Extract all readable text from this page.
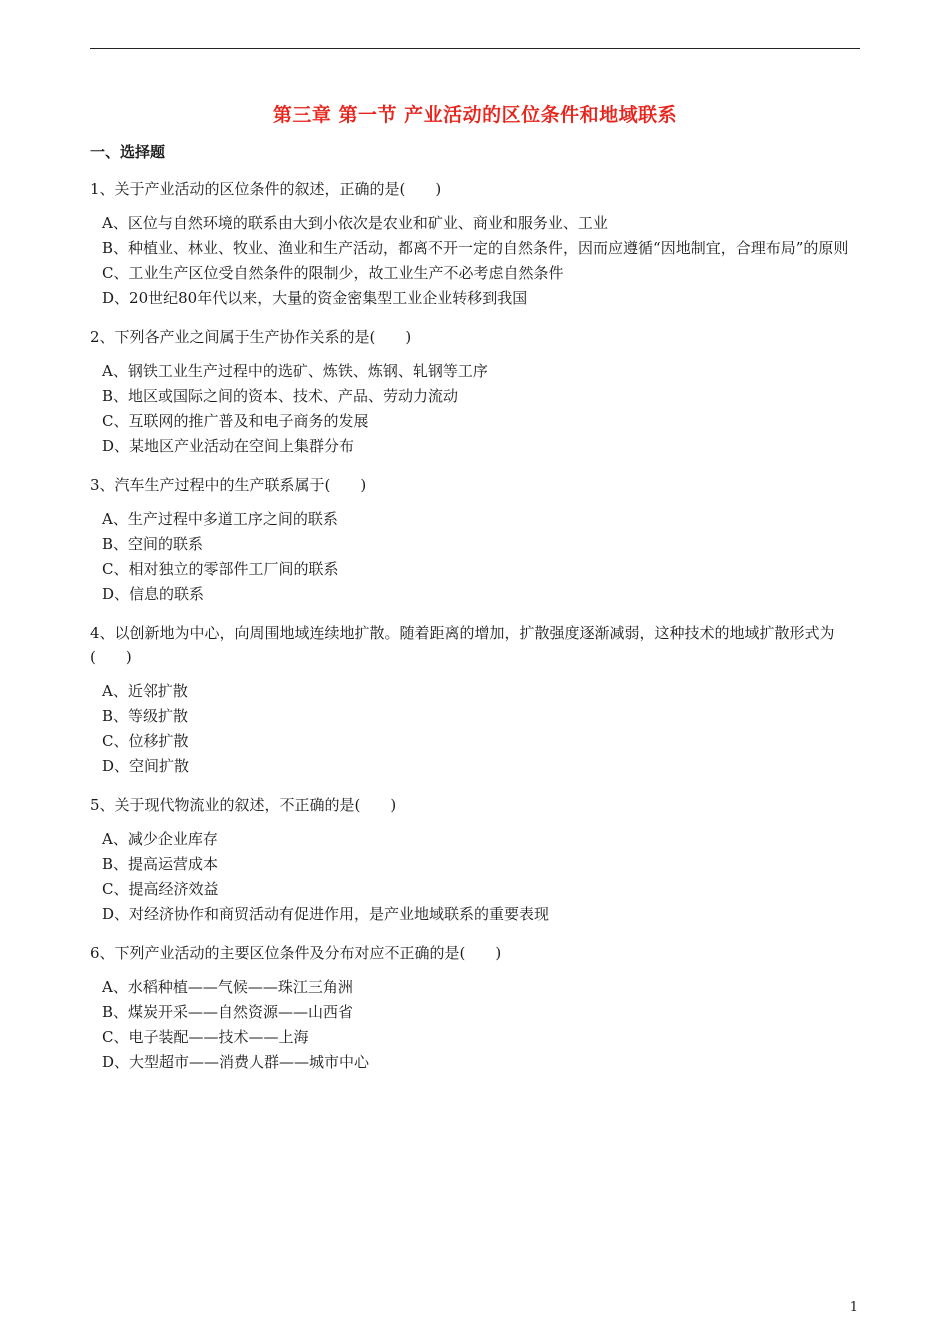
第三章 第一节 产业活动的区位条件和地域联系
一、选择题
1、关于产业活动的区位条件的叙述，正确的是(　　)
A、区位与自然环境的联系由大到小依次是农业和矿业、商业和服务业、工业
B、种植业、林业、牧业、渔业和生产活动，都离不开一定的自然条件，因而应遵循“因地制宜，合理布局”的原则
C、工业生产区位受自然条件的限制少，故工业生产不必考虑自然条件
D、20世纪80年代以来，大量的资金密集型工业企业转移到我国
2、下列各产业之间属于生产协作关系的是(　　)
A、钢铁工业生产过程中的选矿、炼铁、炼钢、轧钢等工序
B、地区或国际之间的资本、技术、产品、劳动力流动
C、互联网的推广普及和电子商务的发展
D、某地区产业活动在空间上集群分布
3、汽车生产过程中的生产联系属于(　　)
A、生产过程中多道工序之间的联系
B、空间的联系
C、相对独立的零部件工厂间的联系
D、信息的联系
4、以创新地为中心，向周围地域连续地扩散。随着距离的增加，扩散强度逐渐减弱，这种技术的地域扩散形式为(　　)
A、近邻扩散
B、等级扩散
C、位移扩散
D、空间扩散
5、关于现代物流业的叙述，不正确的是(　　)
A、减少企业库存
B、提高运营成本
C、提高经济效益
D、对经济协作和商贸活动有促进作用，是产业地域联系的重要表现
6、下列产业活动的主要区位条件及分布对应不正确的是(　　)
A、水稻种植——气候——珠江三角洲
B、煤炭开采——自然资源——山西省
C、电子装配——技术——上海
D、大型超市——消费人群——城市中心
1
